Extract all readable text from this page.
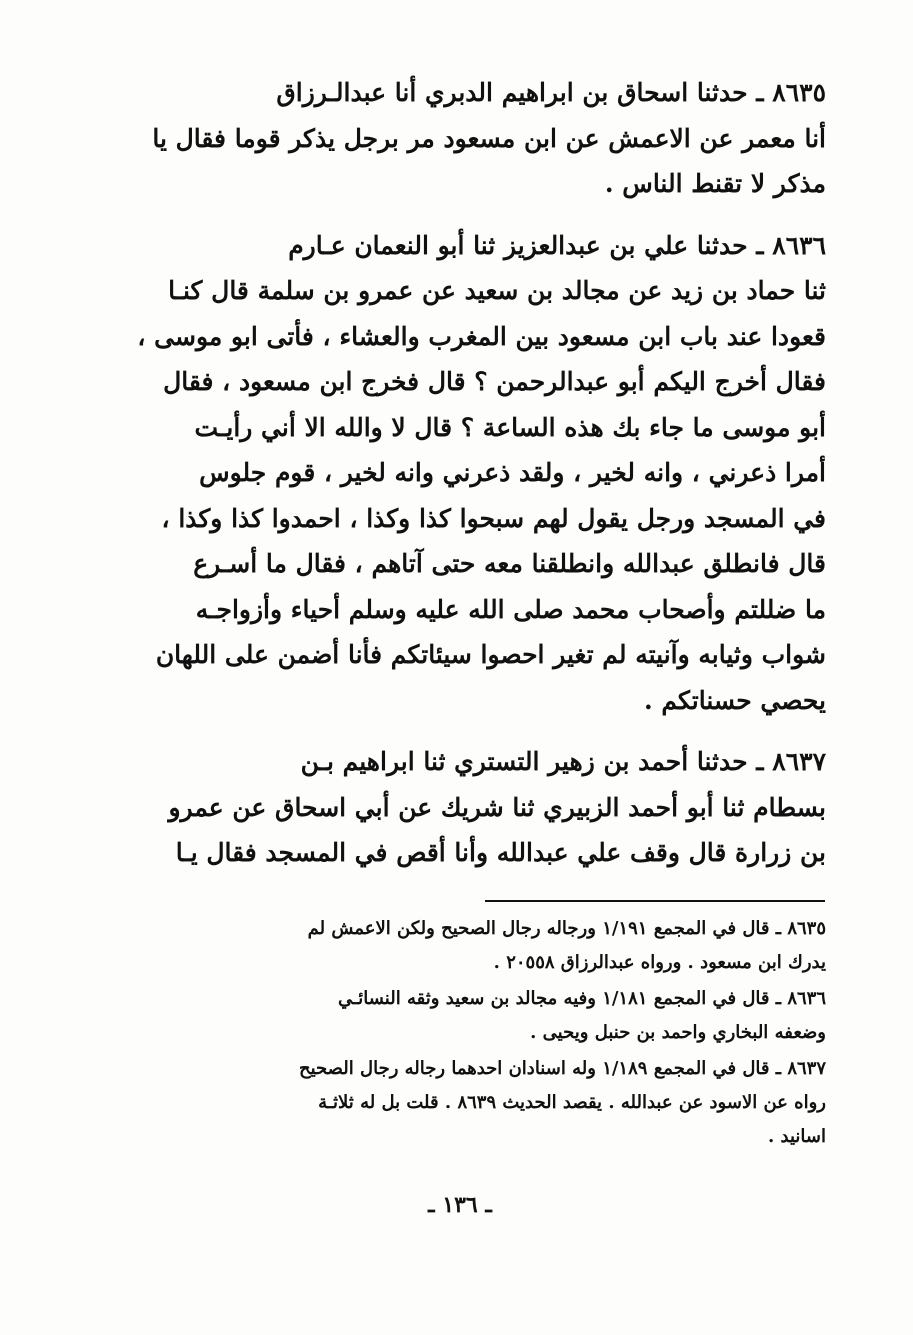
٨٦٣٥ ـ حدثنا اسحاق بن ابراهيم الدبري أنا عبدالـرزاق
أنا معمر عن الاعمش عن ابن مسعود مر برجل يذكر قوما فقال يا
مذكر لا تقنط الناس .
٨٦٣٦ ـ حدثنا علي بن عبدالعزيز ثنا أبو النعمان عـارم
ثنا حماد بن زيد عن مجالد بن سعيد عن عمرو بن سلمة قال كنـا
قعودا عند باب ابن مسعود بين المغرب والعشاء ، فأتى ابو موسى ،
فقال أخرج اليكم أبو عبدالرحمن ؟ قال فخرج ابن مسعود ، فقال
أبو موسى ما جاء بك هذه الساعة ؟ قال لا والله الا أني رأيـت
أمرا ذعرني ، وانه لخير ، ولقد ذعرني وانه لخير ، قوم جلوس
في المسجد ورجل يقول لهم سبحوا كذا وكذا ، احمدوا كذا وكذا ،
قال فانطلق عبدالله وانطلقنا معه حتى آتاهم ، فقال ما أسـرع
ما ضللتم وأصحاب محمد صلى الله عليه وسلم أحياء وأزواجـه
شواب وثيابه وآنيته لم تغير احصوا سيئاتكم فأنا أضمن على اللهان
يحصي حسناتكم .
٨٦٣٧ ـ حدثنا أحمد بن زهير التستري ثنا ابراهيم بـن
بسطام ثنا أبو أحمد الزبيري ثنا شريك عن أبي اسحاق عن عمرو
بن زرارة قال وقف علي عبدالله وأنا أقص في المسجد فقال يـا
٨٦٣٥ ـ قال في المجمع ١/١٩١ ورجاله رجال الصحيح ولكن الاعمش لم
يدرك ابن مسعود . ورواه عبدالرزاق ٢٠٥٥٨ .
٨٦٣٦ ـ قال في المجمع ١/١٨١ وفيه مجالد بن سعيد وثقه النسائـي
وضعفه البخاري واحمد بن حنبل ويحيى .
٨٦٣٧ ـ قال في المجمع ١/١٨٩ وله اسنادان احدهما رجاله رجال الصحيح
رواه عن الاسود عن عبدالله . يقصد الحديث ٨٦٣٩ . قلت بل له ثلاثـة
اسانيد .
ـ ١٣٦ ـ
